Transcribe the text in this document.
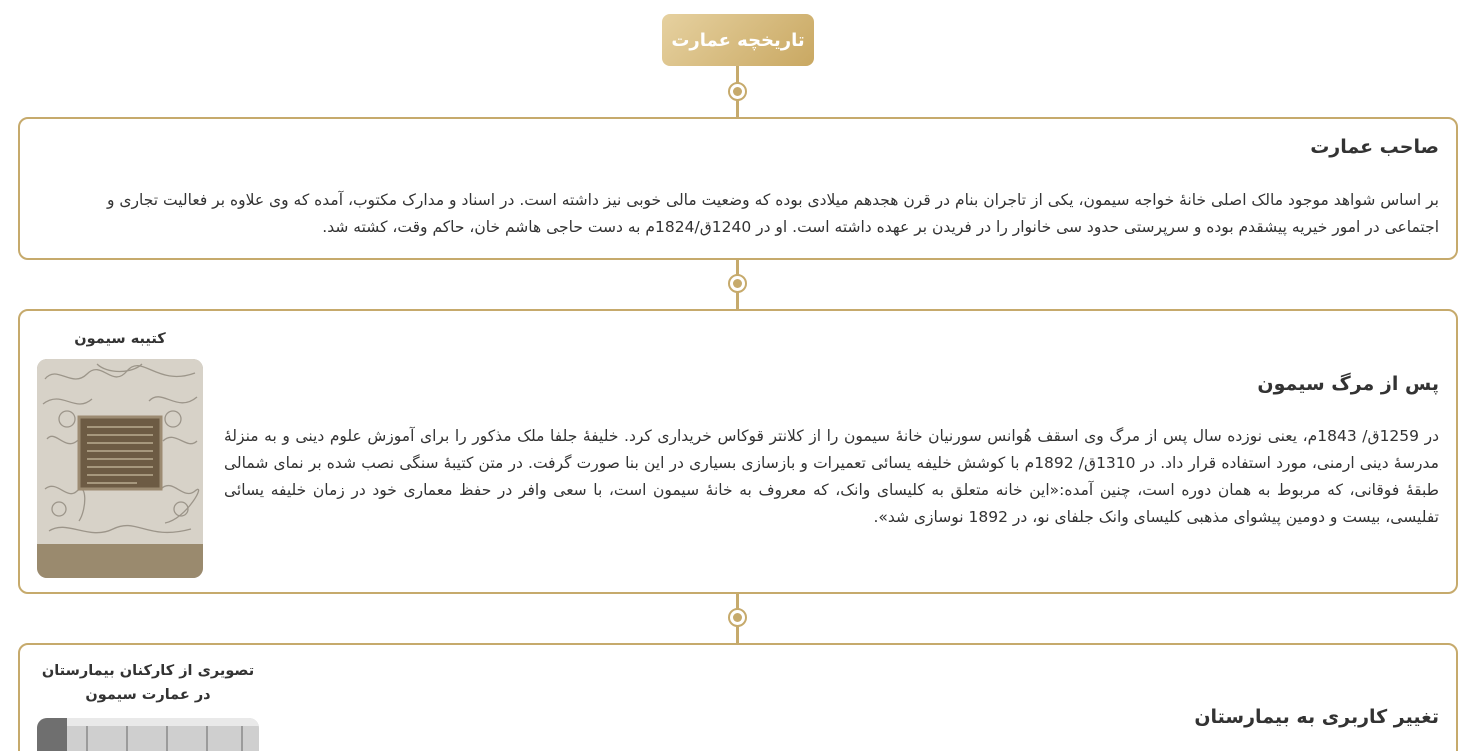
تاریخچه عمارت
صاحب عمارت
بر اساس شواهد موجود مالک اصلی خانۀ خواجه سیمون، یکی از تاجران بنام در قرن هجدهم میلادی بوده که وضعیت مالی خوبی نیز داشته است. در اسناد و مدارک مکتوب، آمده که وی علاوه بر فعالیت تجاری و اجتماعی در امور خیریه پیشقدم بوده و سرپرستی حدود سی خانوار را در فریدن بر عهده داشته است. او در 1240ق/1824م به دست حاجی هاشم خان، حاکم وقت، کشته شد.
پس از مرگ سیمون
در 1259ق/ 1843م، یعنی نوزده سال پس از مرگ وی اسقف هُوانس سورنیان خانۀ سیمون را از کلانتر قوکاس خریداری کرد. خلیفۀ جلفا ملک مذکور را برای آموزش علوم دینی و به منزلۀ مدرسۀ دینی ارمنی، مورد استفاده قرار داد. در 1310ق/ 1892م با کوشش خلیفه یسائی تعمیرات و بازسازی بسیاری در این بنا صورت گرفت. در متن کتیبۀ سنگی نصب شده بر نمای شمالی طبقۀ فوقانی، که مربوط به همان دوره است، چنین آمده:«این خانه متعلق به کلیسای وانک، که معروف به خانۀ سیمون است، با سعی وافر در حفظ معماری خود در زمان خلیفه یسائی تفلیسی، بیست و دومین پیشوای مذهبی کلیسای وانک جلفای نو، در 1892 نوسازی شد».
کتیبه سیمون
تغییر کاربری به بیمارستان
تصویری از کارکنان بیمارستان در عمارت سیمون
